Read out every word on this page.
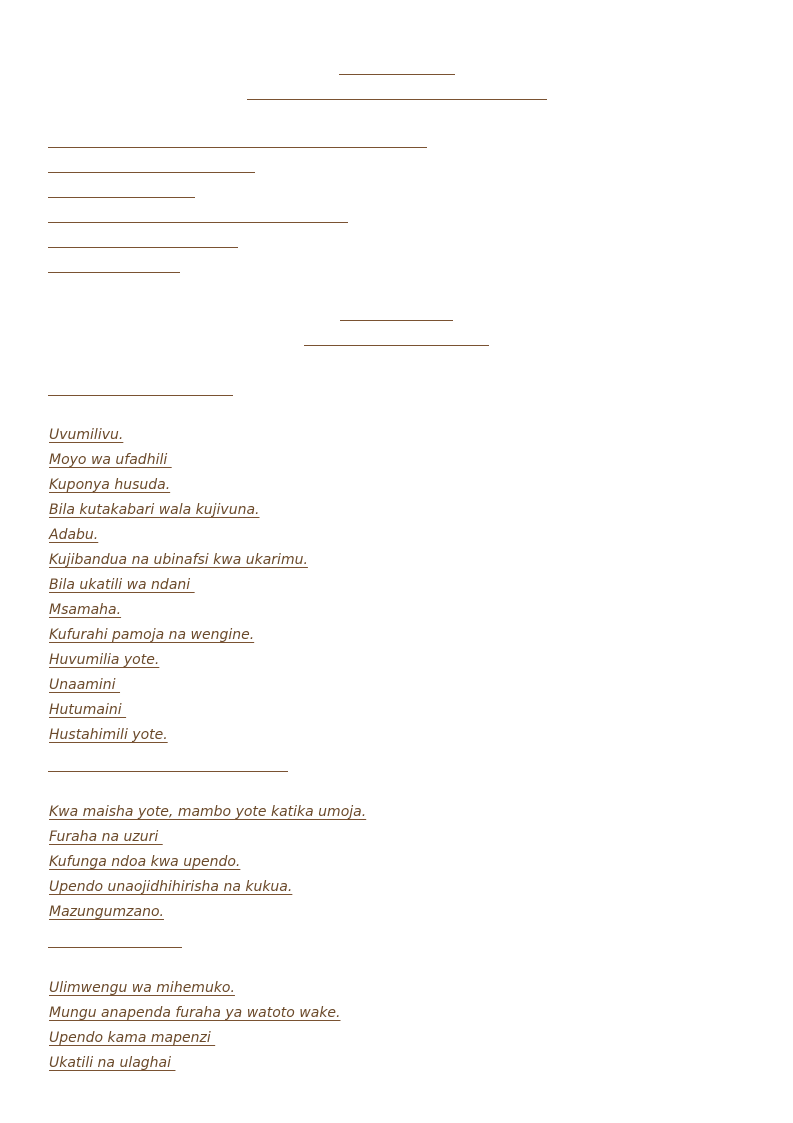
Uvumilivu.
Moyo wa ufadhili
Kuponya husuda.
Bila kutakabari wala kujivuna.
Adabu.
Kujibandua na ubinafsi kwa ukarimu.
Bila ukatili wa ndani
Msamaha.
Kufurahi pamoja na wengine.
Huvumilia yote.
Unaamini
Hutumaini
Hustahimili yote.
Kwa maisha yote, mambo yote katika umoja.
Furaha na uzuri
Kufunga ndoa kwa upendo.
Upendo unaojidhihirisha na kukua.
Mazungumzano.
Ulimwengu wa mihemuko.
Mungu anapenda furaha ya watoto wake.
Upendo kama mapenzi
Ukatili na ulaghai
